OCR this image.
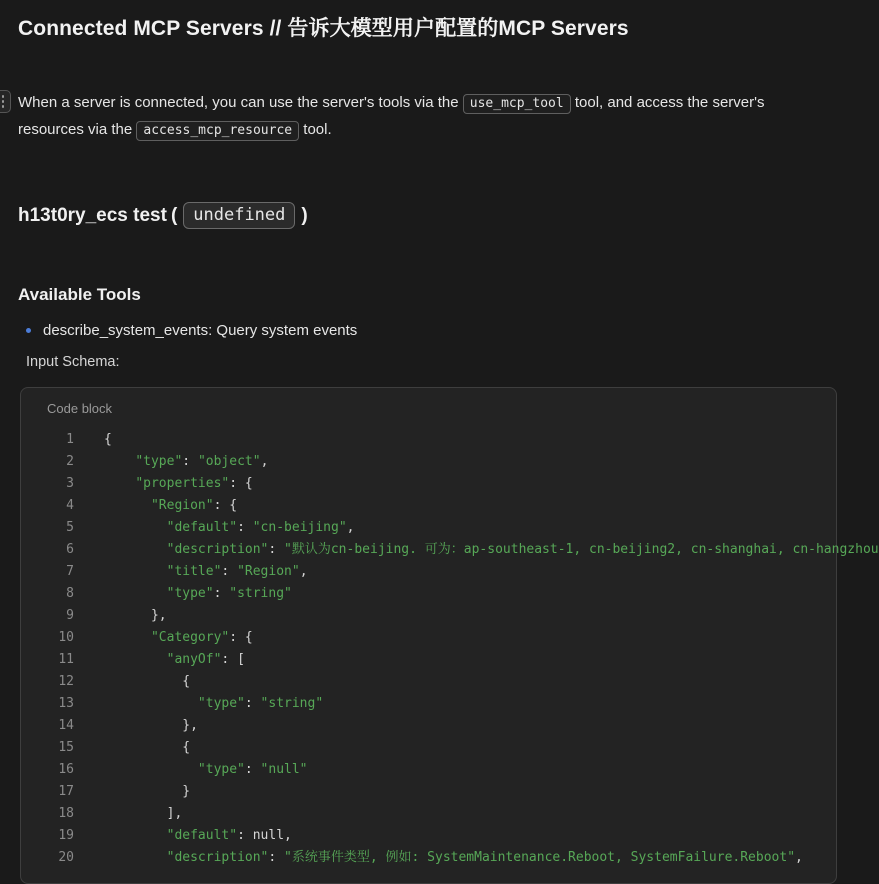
Connected MCP Servers // 告诉大模型用户配置的MCP Servers

When a server is connected, you can use the server's tools via the use_mcp_tool tool, and access the server's resources via the access_mcp_resource tool.

h13t0ry_ecs test ( undefined )
Available Tools
describe_system_events: Query system events
Input Schema:
Code block
1 {
2	"type": "object",
3	"properties": {
4	"Region": {
5	"default": "cn-beijing",
6	"description": "默认为cn-beijing. 可为：ap-southeast-1, cn-beijing2, cn-shanghai, cn-hangzhou
7	"title": "Region",
8	"type": "string"
9 },
10	"Category": {
11	"anyOf": [
12 {
13	"type": "string"
14 },
15 {
16	"type": "null"
17 }
18 ],
19	"default": null,
20	"description": "系统事件类型, 例如: SystemMaintenance.Reboot, SystemFailure.Reboot",
